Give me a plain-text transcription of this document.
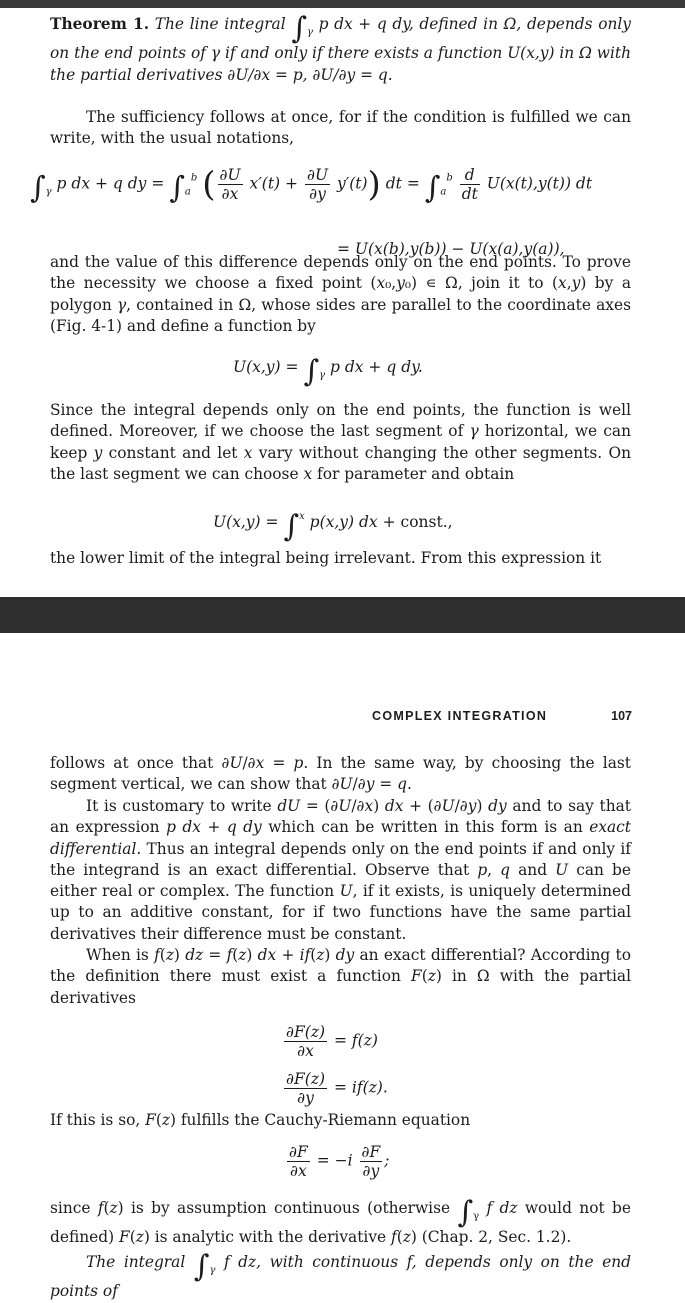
Theorem 1. The line integral $\int_\gamma$ p dx + q dy, defined in Ω, depends only on the end points of γ if and only if there exists a function U(x,y) in Ω with the partial derivatives ∂U/∂x = p, ∂U/∂y = q.
The sufficiency follows at once, for if the condition is fulfilled we can write, with the usual notations,
$\int_\gamma$ p dx + q dy = $\int_a^b$ ( $\frac{\partial U}{\partial x} x'(t) + \frac{\partial U}{\partial y} y'(t)$) dt = $\int_a^b \frac{d}{dt} U(x(t),y(t))$ dt
= U(x(b),y(b)) − U(x(a),y(a)),
and the value of this difference depends only on the end points. To prove the necessity we choose a fixed point (x₀,y₀) ∊ Ω, join it to (x,y) by a polygon γ, contained in Ω, whose sides are parallel to the coordinate axes (Fig. 4-1) and define a function by
$U(x,y) = \int_\gamma$ p dx + q dy.
Since the integral depends only on the end points, the function is well defined. Moreover, if we choose the last segment of γ horizontal, we can keep y constant and let x vary without changing the other segments. On the last segment we can choose x for parameter and obtain
U(x,y) = ∫$^x$ p(x,y) dx + const.,
the lower limit of the integral being irrelevant. From this expression it
COMPLEX INTEGRATION	107
follows at once that ∂U/∂x = p. In the same way, by choosing the last segment vertical, we can show that ∂U/∂y = q.
It is customary to write dU = (∂U/∂x) dx + (∂U/∂y) dy and to say that an expression p dx + q dy which can be written in this form is an exact differential. Thus an integral depends only on the end points if and only if the integrand is an exact differential. Observe that p, q and U can be either real or complex. The function U, if it exists, is uniquely determined up to an additive constant, for if two functions have the same partial derivatives their difference must be constant.
When is f(z) dz = f(z) dx + if(z) dy an exact differential? According to the definition there must exist a function F(z) in Ω with the partial derivatives
$\frac{\partial F(z)}{\partial x} = f(z)$
$\frac{\partial F(z)}{\partial y} = if(z)$.
If this is so, F(z) fulfills the Cauchy-Riemann equation
$\frac{\partial F}{\partial x} = -i \frac{\partial F}{\partial y}$ ;
since f(z) is by assumption continuous (otherwise $\int_\gamma$ f dz would not be defined) F(z) is analytic with the derivative f(z) (Chap. 2, Sec. 1.2).
The integral $\int_\gamma$ f dz, with continuous f, depends only on the end points of
